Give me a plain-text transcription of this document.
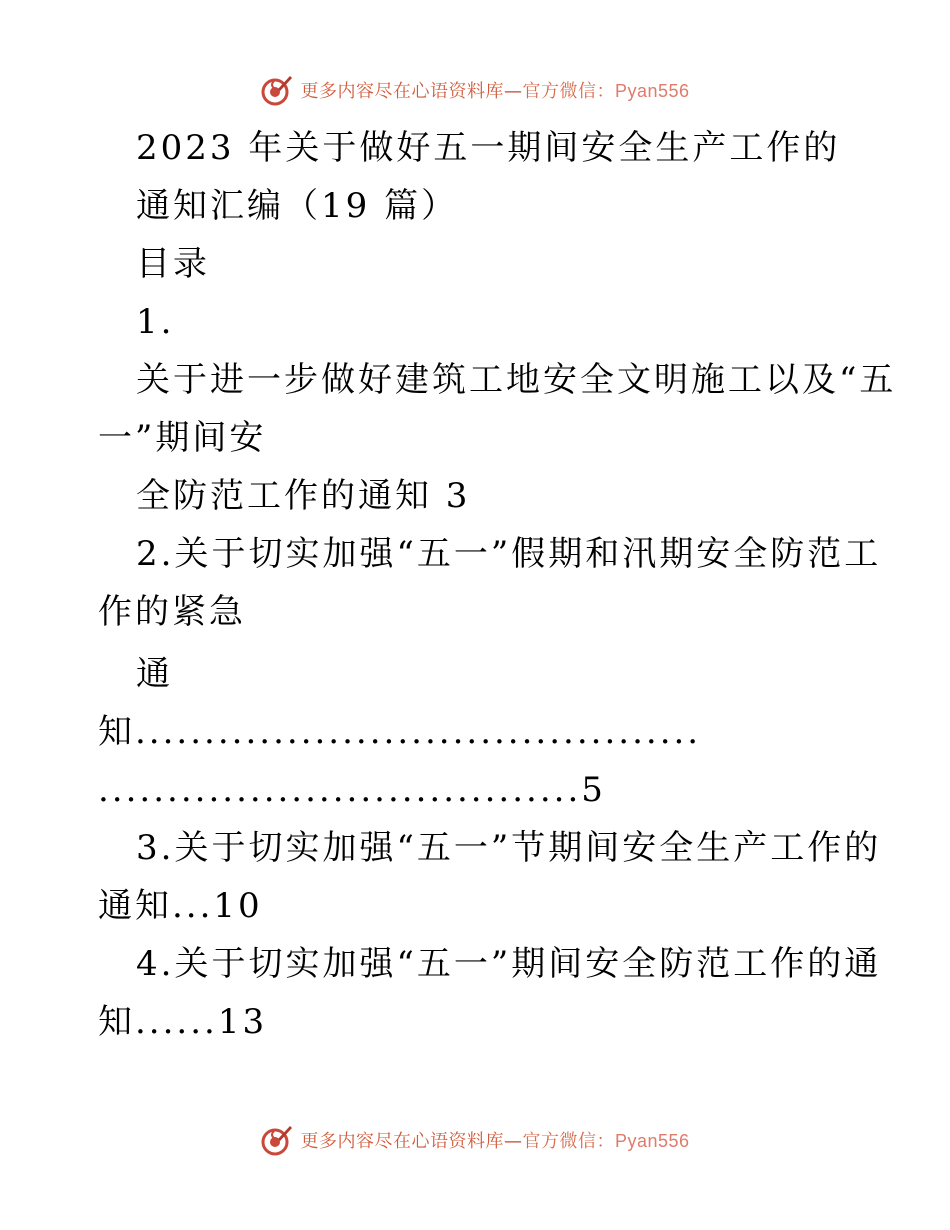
更多内容尽在心语资料库—官方微信：Pyan556
2023 年关于做好五一期间安全生产工作的
通知汇编（19 篇）
目录
1.
关于进一步做好建筑工地安全文明施工以及“五
一”期间安
全防范工作的通知 3
2.关于切实加强“五一”假期和汛期安全防范工
作的紧急
通
知.........................................
...................................5
3.关于切实加强“五一”节期间安全生产工作的
通知...10
4.关于切实加强“五一”期间安全防范工作的通
知......13
更多内容尽在心语资料库—官方微信：Pyan556
